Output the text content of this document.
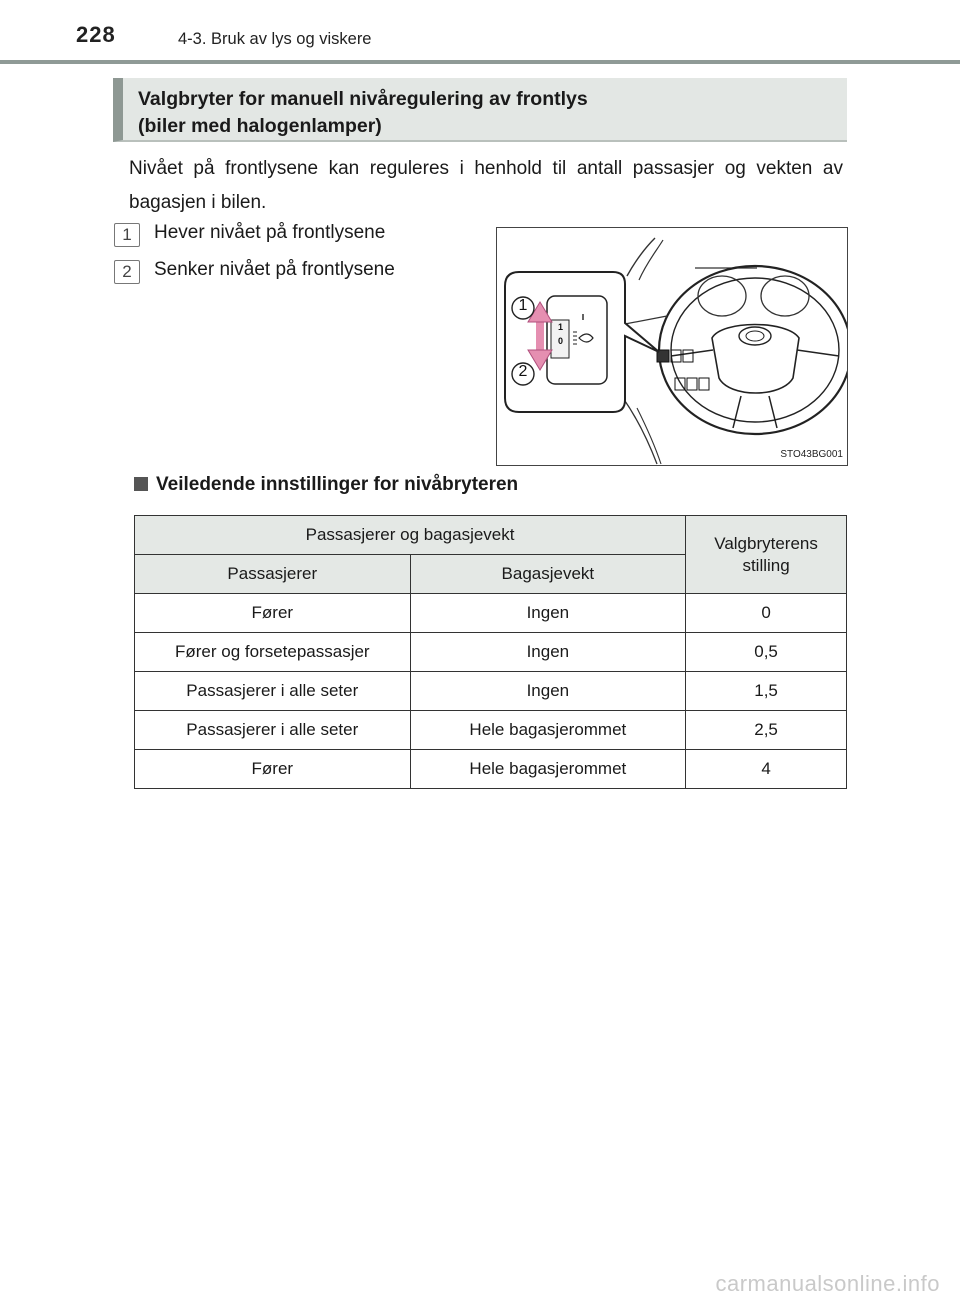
228	4-3. Bruk av lys og viskere
Valgbryter for manuell nivåregulering av frontlys
(biler med halogenlamper)
Nivået på frontlysene kan reguleres i henhold til antall passasjer og vekten av bagasjen i bilen.
1	Hever nivået på frontlysene
2	Senker nivået på frontlysene
1
2
1
0
STO43BG001
Veiledende innstillinger for nivåbryteren
Passasjerer og bagasjevekt		Valgbryterens
stilling
Passasjerer	Bagasjevekt	
Fører	Ingen	0
Fører og forsetepassasjer	Ingen	0,5
Passasjerer i alle seter	Ingen	1,5
Passasjerer i alle seter	Hele bagasjerommet	2,5
Fører	Hele bagasjerommet	4
carmanualsonline.info
